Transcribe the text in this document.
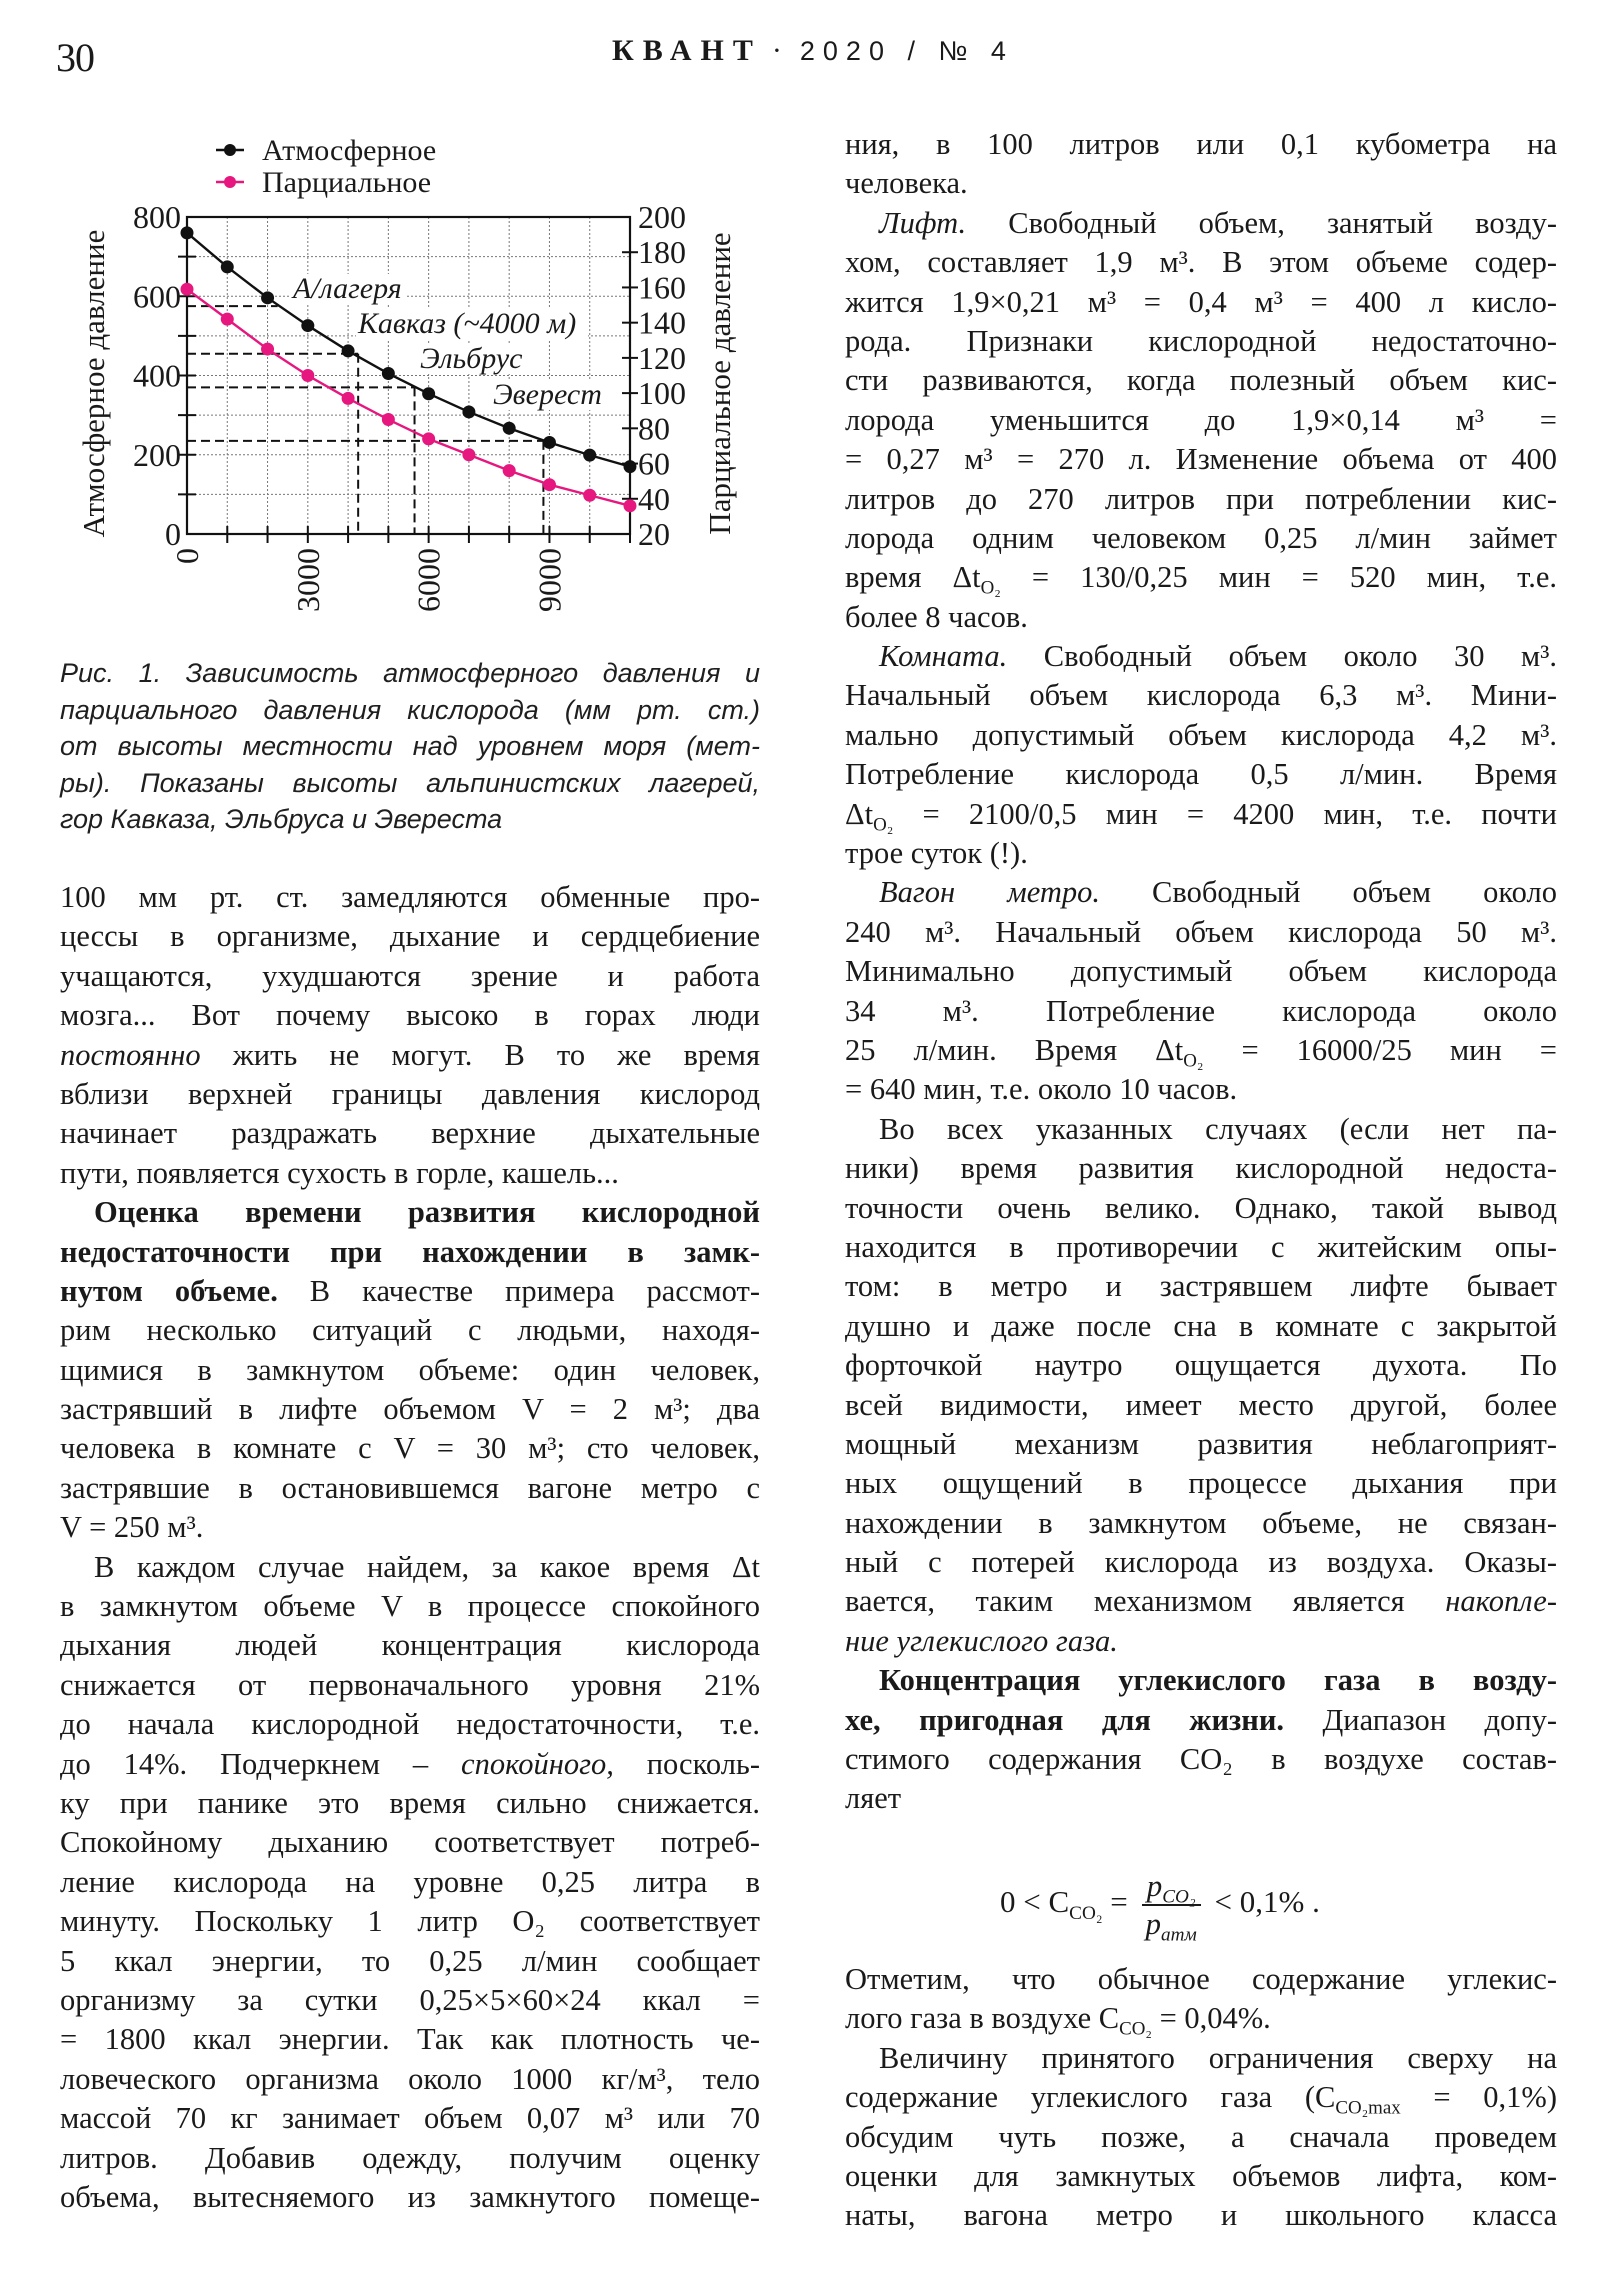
30	КВАНТ · 2020 / № 4
Атмосферное
Парциальное
0
200
400
600
800
20
40
60
80
100
120
140
160
180
200
0	3000	6000	9000
Атмосферное давление	Парциальное давление
А/лагеря
Кавказ (~4000 м)
Эльбрус
Эверест
Рис. 1. Зависимость атмосферного давления и
парциального давления кислорода (мм рт. ст.)
от высоты местности над уровнем моря (мет-
ры). Показаны высоты альпинистских лагерей,
гор Кавказа, Эльбруса и Эвереста
100 мм рт. ст. замедляются обменные про-
цессы в организме, дыхание и сердцебиение
учащаются, ухудшаются зрение и работа
мозга... Вот почему высоко в горах люди
постоянно жить не могут. В то же время
вблизи верхней границы давления кислород
начинает раздражать верхние дыхательные
пути, появляется сухость в горле, кашель...
Оценка времени развития кислородной
недостаточности при нахождении в замк-
нутом объеме. В качестве примера рассмот-
рим несколько ситуаций с людьми, находя-
щимися в замкнутом объеме: один человек,
застрявший в лифте объемом V = 2 м³; два
человека в комнате с V = 30 м³; сто человек,
застрявшие в остановившемся вагоне метро с
V = 250 м³.
В каждом случае найдем, за какое время Δt
в замкнутом объеме V в процессе спокойного
дыхания людей концентрация кислорода
снижается от первоначального уровня 21%
до начала кислородной недостаточности, т.е.
до 14%. Подчеркнем – спокойного, посколь-
ку при панике это время сильно снижается.
Спокойному дыханию соответствует потреб-
ление кислорода на уровне 0,25 литра в
минуту. Поскольку 1 литр O₂ соответствует
5 ккал энергии, то 0,25 л/мин сообщает
организму за сутки 0,25×5×60×24 ккал =
= 1800 ккал энергии. Так как плотность че-
ловеческого организма около 1000 кг/м³, тело
массой 70 кг занимает объем 0,07 м³ или 70
литров. Добавив одежду, получим оценку
объема, вытесняемого из замкнутого помеще-
ния, в 100 литров или 0,1 кубометра на
человека.
Лифт. Свободный объем, занятый возду-
хом, составляет 1,9 м³. В этом объеме содер-
жится 1,9×0,21 м³ = 0,4 м³ = 400 л кисло-
рода. Признаки кислородной недостаточно-
сти развиваются, когда полезный объем кис-
лорода уменьшится до 1,9×0,14 м³ =
= 0,27 м³ = 270 л. Изменение объема от 400
литров до 270 литров при потреблении кис-
лорода одним человеком 0,25 л/мин займет
время $\Delta t_{O_2} = 130/0,25$ мин = 520 мин, т.е.
более 8 часов.
Комната. Свободный объем около 30 м³.
Начальный объем кислорода 6,3 м³. Мини-
мально допустимый объем кислорода 4,2 м³.
Потребление кислорода 0,5 л/мин. Время
$\Delta t_{O_2} = 2100/0,5$ мин = 4200 мин, т.е. почти
трое суток (!).
Вагон метро. Свободный объем около
240 м³. Начальный объем кислорода 50 м³.
Минимально допустимый объем кислорода
34 м³. Потребление кислорода около
25 л/мин. Время $\Delta t_{O_2} = 16000/25$ мин =
= 640 мин, т.е. около 10 часов.
Во всех указанных случаях (если нет па-
ники) время развития кислородной недоста-
точности очень велико. Однако, такой вывод
находится в противоречии с житейским опы-
том: в метро и застрявшем лифте бывает
душно и даже после сна в комнате с закрытой
форточкой наутро ощущается духота. По
всей видимости, имеет место другой, более
мощный механизм развития неблагоприят-
ных ощущений в процессе дыхания при
нахождении в замкнутом объеме, не связан-
ный с потерей кислорода из воздуха. Оказы-
вается, таким механизмом является накопле-
ние углекислого газа.
Концентрация углекислого газа в возду-
хе, пригодная для жизни. Диапазон допу-
стимого содержания CO₂ в воздухе состав-
ляет
$0 < C_{CO_2} = \frac{p_{CO_2}}{p_{атм}} < 0,1\%$ .
Отметим, что обычное содержание углекис-
лого газа в воздухе $C_{CO_2} = 0,04\%$.
Величину принятого ограничения сверху на
содержание углекислого газа $(C_{CO_2max} = 0,1\%)$
обсудим чуть позже, а сначала проведем
оценки для замкнутых объемов лифта, ком-
наты, вагона метро и школьного класса
